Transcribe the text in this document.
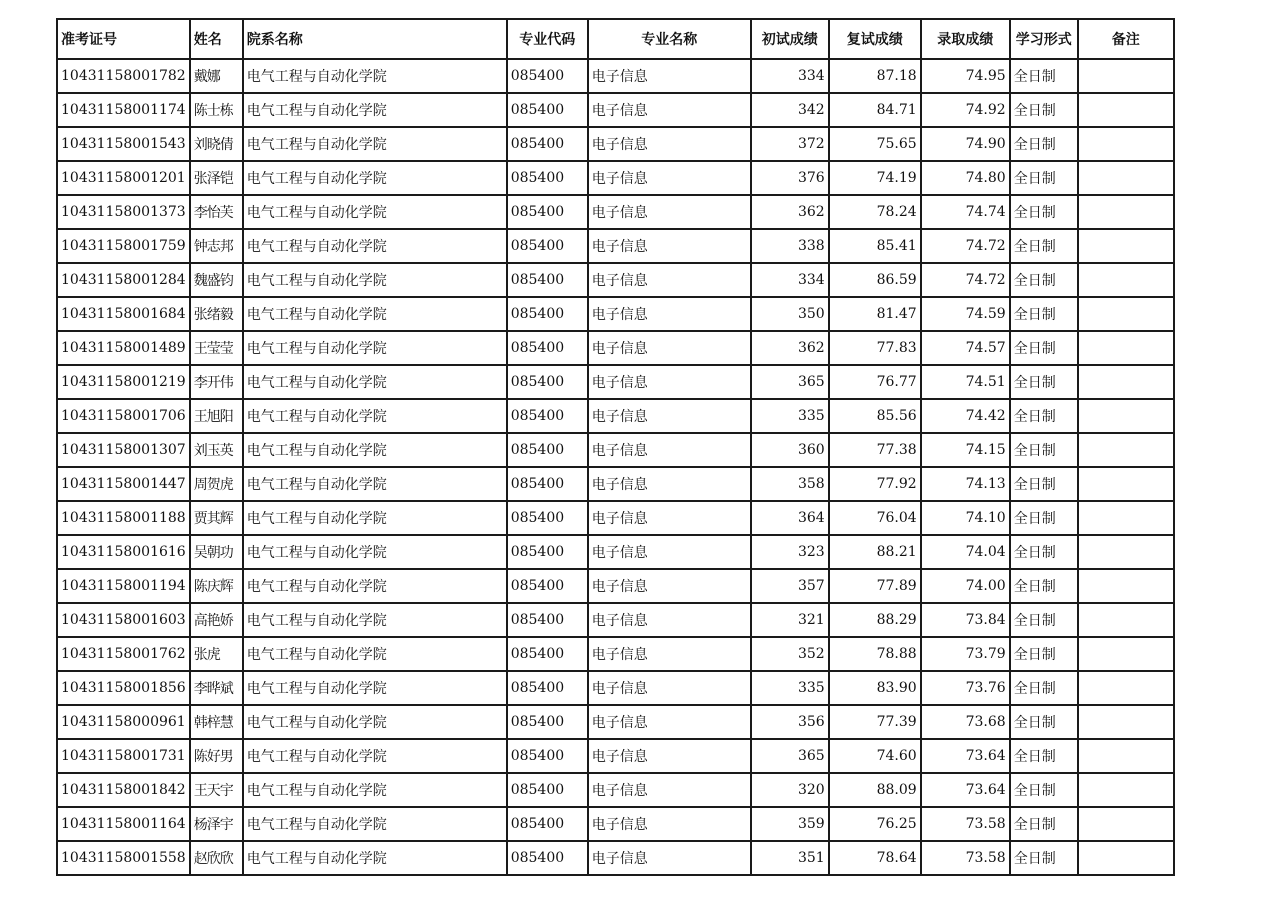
准考证号	姓名	院系名称	专业代码	专业名称	初试成绩	复试成绩	录取成绩	学习形式	备注
10431158001782	戴娜	电气工程与自动化学院	085400	电子信息	334	87.18	74.95	全日制	
10431158001174	陈士栋	电气工程与自动化学院	085400	电子信息	342	84.71	74.92	全日制	
10431158001543	刘晓倩	电气工程与自动化学院	085400	电子信息	372	75.65	74.90	全日制	
10431158001201	张泽铠	电气工程与自动化学院	085400	电子信息	376	74.19	74.80	全日制	
10431158001373	李怡芙	电气工程与自动化学院	085400	电子信息	362	78.24	74.74	全日制	
10431158001759	钟志邦	电气工程与自动化学院	085400	电子信息	338	85.41	74.72	全日制	
10431158001284	魏盛钧	电气工程与自动化学院	085400	电子信息	334	86.59	74.72	全日制	
10431158001684	张绪毅	电气工程与自动化学院	085400	电子信息	350	81.47	74.59	全日制	
10431158001489	王莹莹	电气工程与自动化学院	085400	电子信息	362	77.83	74.57	全日制	
10431158001219	李开伟	电气工程与自动化学院	085400	电子信息	365	76.77	74.51	全日制	
10431158001706	王旭阳	电气工程与自动化学院	085400	电子信息	335	85.56	74.42	全日制	
10431158001307	刘玉英	电气工程与自动化学院	085400	电子信息	360	77.38	74.15	全日制	
10431158001447	周贺虎	电气工程与自动化学院	085400	电子信息	358	77.92	74.13	全日制	
10431158001188	贾其辉	电气工程与自动化学院	085400	电子信息	364	76.04	74.10	全日制	
10431158001616	吴朝功	电气工程与自动化学院	085400	电子信息	323	88.21	74.04	全日制	
10431158001194	陈庆辉	电气工程与自动化学院	085400	电子信息	357	77.89	74.00	全日制	
10431158001603	高艳娇	电气工程与自动化学院	085400	电子信息	321	88.29	73.84	全日制	
10431158001762	张虎	电气工程与自动化学院	085400	电子信息	352	78.88	73.79	全日制	
10431158001856	李晔斌	电气工程与自动化学院	085400	电子信息	335	83.90	73.76	全日制	
10431158000961	韩梓慧	电气工程与自动化学院	085400	电子信息	356	77.39	73.68	全日制	
10431158001731	陈好男	电气工程与自动化学院	085400	电子信息	365	74.60	73.64	全日制	
10431158001842	王天宇	电气工程与自动化学院	085400	电子信息	320	88.09	73.64	全日制	
10431158001164	杨泽宇	电气工程与自动化学院	085400	电子信息	359	76.25	73.58	全日制	
10431158001558	赵欣欣	电气工程与自动化学院	085400	电子信息	351	78.64	73.58	全日制	
